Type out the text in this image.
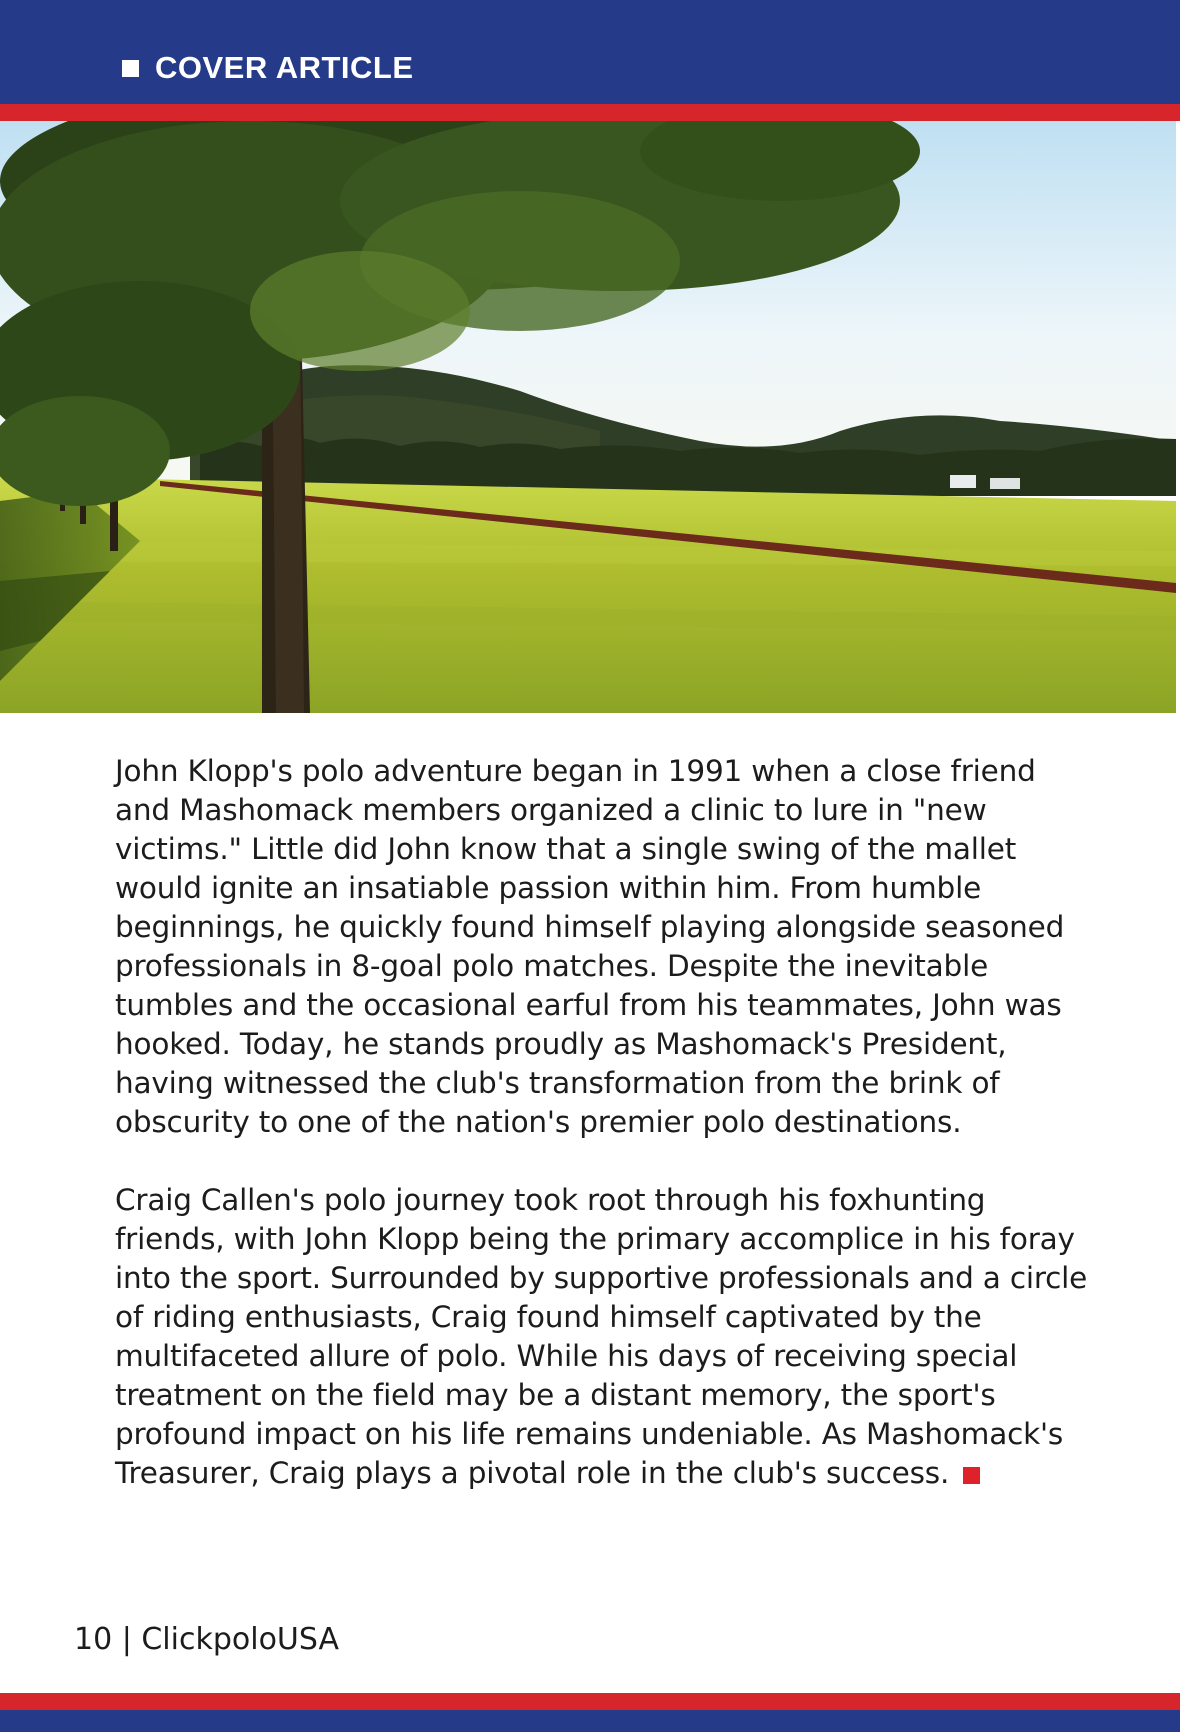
COVER ARTICLE

John Klopp's polo adventure began in 1991 when a close friend and Mashomack members organized a clinic to lure in "new victims." Little did John know that a single swing of the mallet would ignite an insatiable passion within him. From humble beginnings, he quickly found himself playing alongside seasoned professionals in 8-goal polo matches. Despite the inevitable tumbles and the occasional earful from his teammates, John was hooked. Today, he stands proudly as Mashomack's President, having witnessed the club's transformation from the brink of obscurity to one of the nation's premier polo destinations.

Craig Callen's polo journey took root through his foxhunting friends, with John Klopp being the primary accomplice in his foray into the sport. Surrounded by supportive professionals and a circle of riding enthusiasts, Craig found himself captivated by the multifaceted allure of polo. While his days of receiving special treatment on the field may be a distant memory, the sport's profound impact on his life remains undeniable. As Mashomack's Treasurer, Craig plays a pivotal role in the club's success.

10 | ClickpoloUSA
